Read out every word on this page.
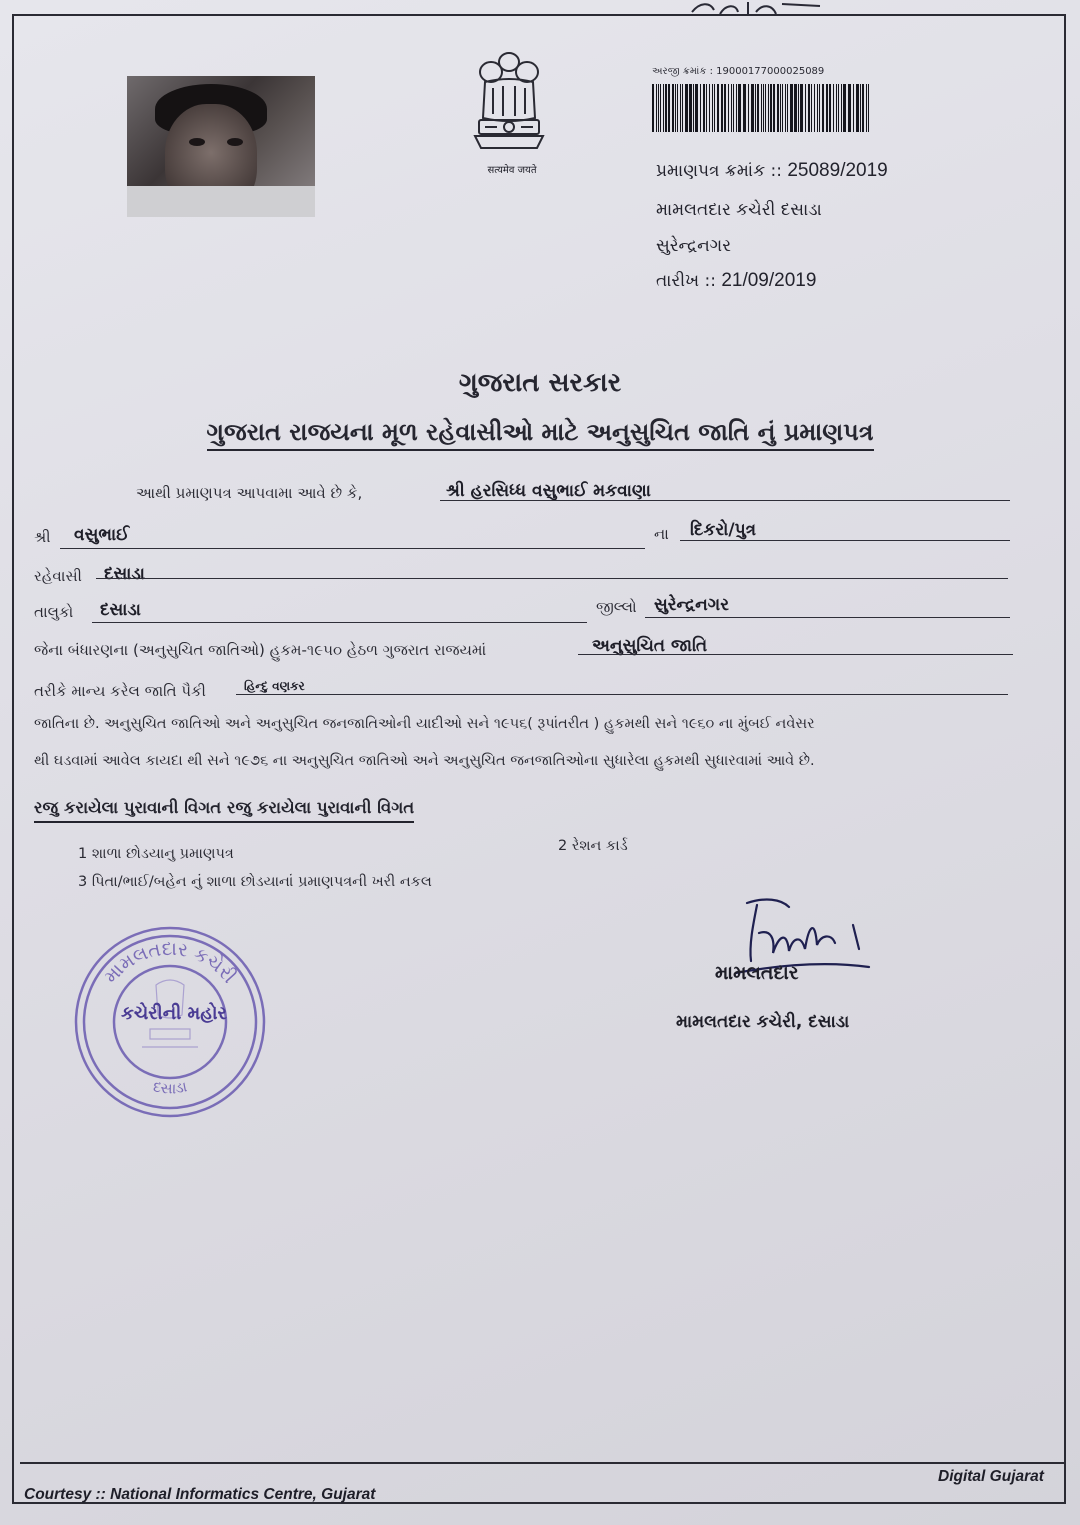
सत्यमेव जयते
અરજી ક્રમાંક : 19000177000025089
પ્રમાણપત્ર ક્રમાંક :: 25089/2019
મામલતદાર કચેરી દસાડા
સુરેન્દ્રનગર
તારીખ :: 21/09/2019
ગુજરાત સરકાર
ગુજરાત રાજયના મૂળ રહેવાસીઓ માટે અનુસુચિત જાતિ નું પ્રમાણપત્ર
આથી પ્રમાણપત્ર આપવામા આવે છે કે,	શ્રી હરસિધ્ધ વસુભાઈ મકવાણા
શ્રી વસુભાઈ	ના દિકરો/પુત્ર
રહેવાસી દસાડા
તાલુકો દસાડા	જીલ્લો સુરેન્દ્રનગર
જેના બંધારણના (અનુસુચિત જાતિઓ) હુકમ-૧૯૫૦ હેઠળ ગુજરાત રાજયમાં	અનુસુચિત જાતિ
તરીકે માન્ય કરેલ જાતિ પૈકી	હિન્દુ વણકર
જાતિના છે. અનુસુચિત જાતિઓ અને અનુસુચિત જનજાતિઓની યાદીઓ સને ૧૯૫૬( રૂપાંતરીત ) હુકમથી સને ૧૯૬૦ ના મુંબઈ નવેસર
થી ઘડવામાં આવેલ કાયદા થી સને ૧૯૭૬ ના અનુસુચિત જાતિઓ અને અનુસુચિત જનજાતિઓના સુધારેલા હુકમથી સુધારવામાં આવે છે.
રજુ કરાયેલા પુરાવાની વિગત રજુ કરાયેલા પુરાવાની વિગત
1 શાળા છોડયાનુ પ્રમાણપત્ર	2 રેશન કાર્ડ
3 પિતા/ભાઈ/બહેન નું શાળા છોડયાનાં પ્રમાણપત્રની ખરી નકલ
મામલતદાર કચેરી
દસાડા
કચેરીની મહોર
મામલતદાર
મામલતદાર કચેરી, દસાડા
Courtesy :: National Informatics Centre, Gujarat
Digital Gujarat
